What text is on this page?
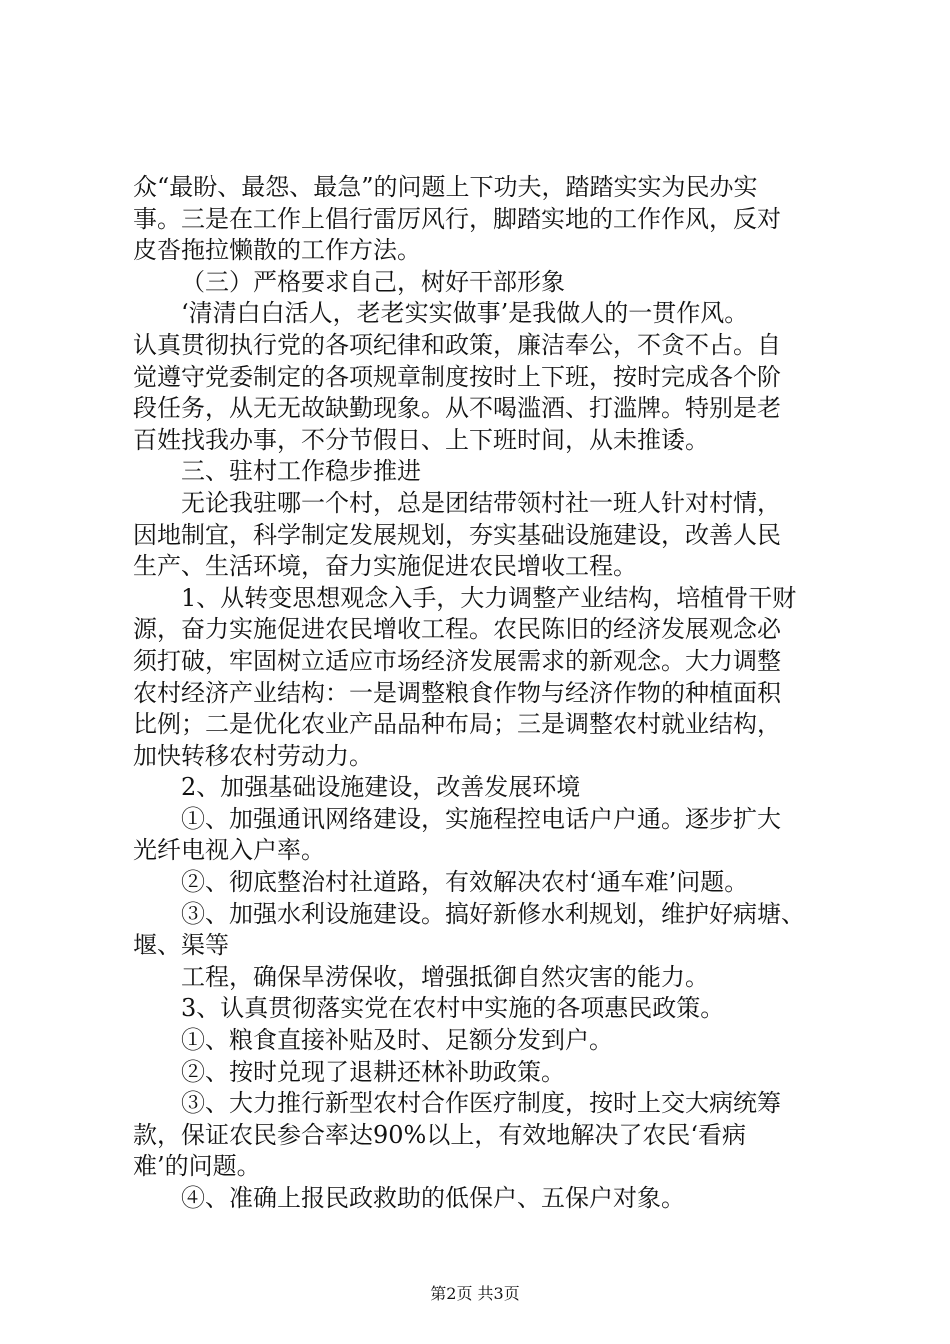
众“最盼、最怨、最急”的问题上下功夫，踏踏实实为民办实
事。三是在工作上倡行雷厉风行，脚踏实地的工作作风，反对
皮沓拖拉懒散的工作方法。
（三）严格要求自己，树好干部形象
‘清清白白活人，老老实实做事’是我做人的一贯作风。
认真贯彻执行党的各项纪律和政策，廉洁奉公，不贪不占。自
觉遵守党委制定的各项规章制度按时上下班，按时完成各个阶
段任务，从无无故缺勤现象。从不喝滥酒、打滥牌。特别是老
百姓找我办事，不分节假日、上下班时间，从未推诿。
三、驻村工作稳步推进
无论我驻哪一个村，总是团结带领村社一班人针对村情，
因地制宜，科学制定发展规划，夯实基础设施建设，改善人民
生产、生活环境，奋力实施促进农民增收工程。
1、从转变思想观念入手，大力调整产业结构，培植骨干财
源，奋力实施促进农民增收工程。农民陈旧的经济发展观念必
须打破，牢固树立适应市场经济发展需求的新观念。大力调整
农村经济产业结构：一是调整粮食作物与经济作物的种植面积
比例；二是优化农业产品品种布局；三是调整农村就业结构，
加快转移农村劳动力。
2、加强基础设施建设，改善发展环境
①、加强通讯网络建设，实施程控电话户户通。逐步扩大
光纤电视入户率。
②、彻底整治村社道路，有效解决农村‘通车难’问题。
③、加强水利设施建设。搞好新修水利规划，维护好病塘、
堰、渠等
工程，确保旱涝保收，增强抵御自然灾害的能力。
3、认真贯彻落实党在农村中实施的各项惠民政策。
①、粮食直接补贴及时、足额分发到户。
②、按时兑现了退耕还林补助政策。
③、大力推行新型农村合作医疗制度，按时上交大病统筹
款，保证农民参合率达90%以上，有效地解决了农民‘看病
难’的问题。
④、准确上报民政救助的低保户、五保户对象。
第2页 共3页
